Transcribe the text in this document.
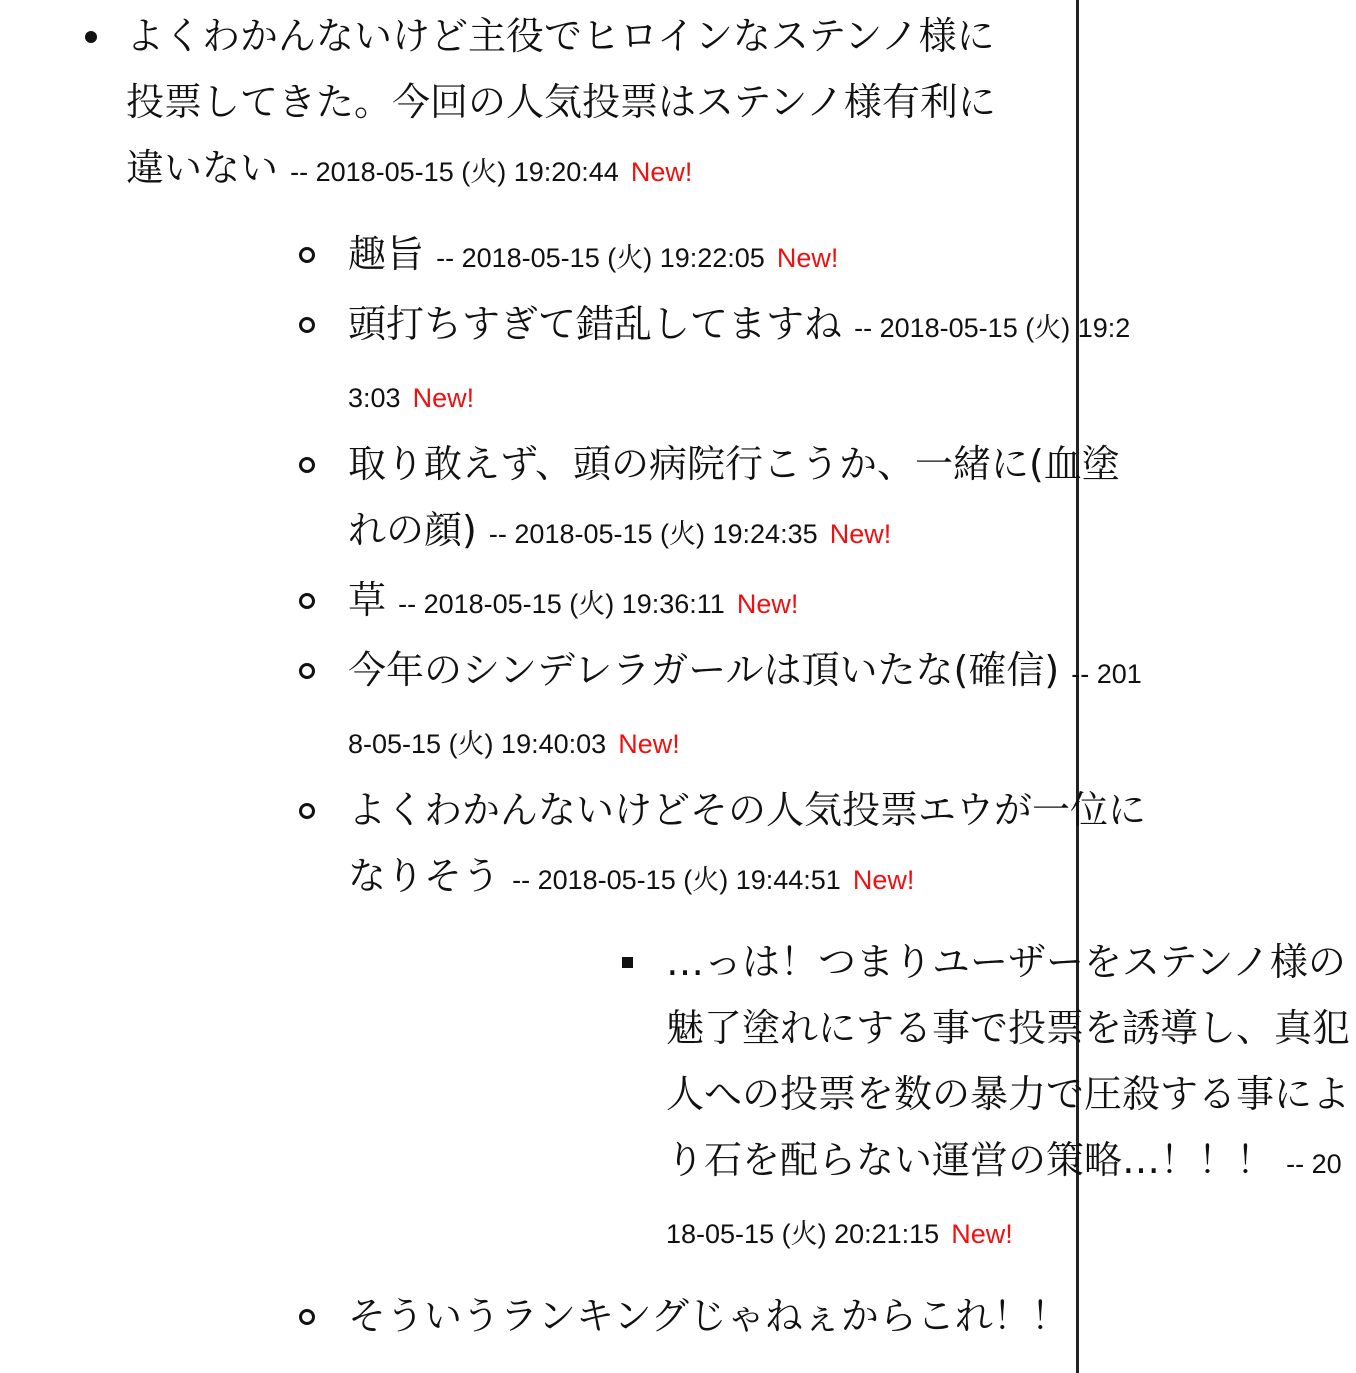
よくわかんないけど主役でヒロインなステンノ様に投票してきた。今回の人気投票はステンノ様有利に違いない -- 2018-05-15 (火) 19:20:44 New!
趣旨 -- 2018-05-15 (火) 19:22:05 New!
頭打ちすぎて錯乱してますね -- 2018-05-15 (火) 19:23:03 New!
取り敢えず、頭の病院行こうか、一緒に(血塗れの顔) -- 2018-05-15 (火) 19:24:35 New!
草 -- 2018-05-15 (火) 19:36:11 New!
今年のシンデレラガールは頂いたな(確信) -- 2018-05-15 (火) 19:40:03 New!
よくわかんないけどその人気投票エウが一位になりそう -- 2018-05-15 (火) 19:44:51 New!
…っは！つまりユーザーをステンノ様の魅了塗れにする事で投票を誘導し、真犯人への投票を数の暴力で圧殺する事により石を配らない運営の策略…！！！ -- 2018-05-15 (火) 20:21:15 New!
そういうランキングじゃねぇからこれ！！
